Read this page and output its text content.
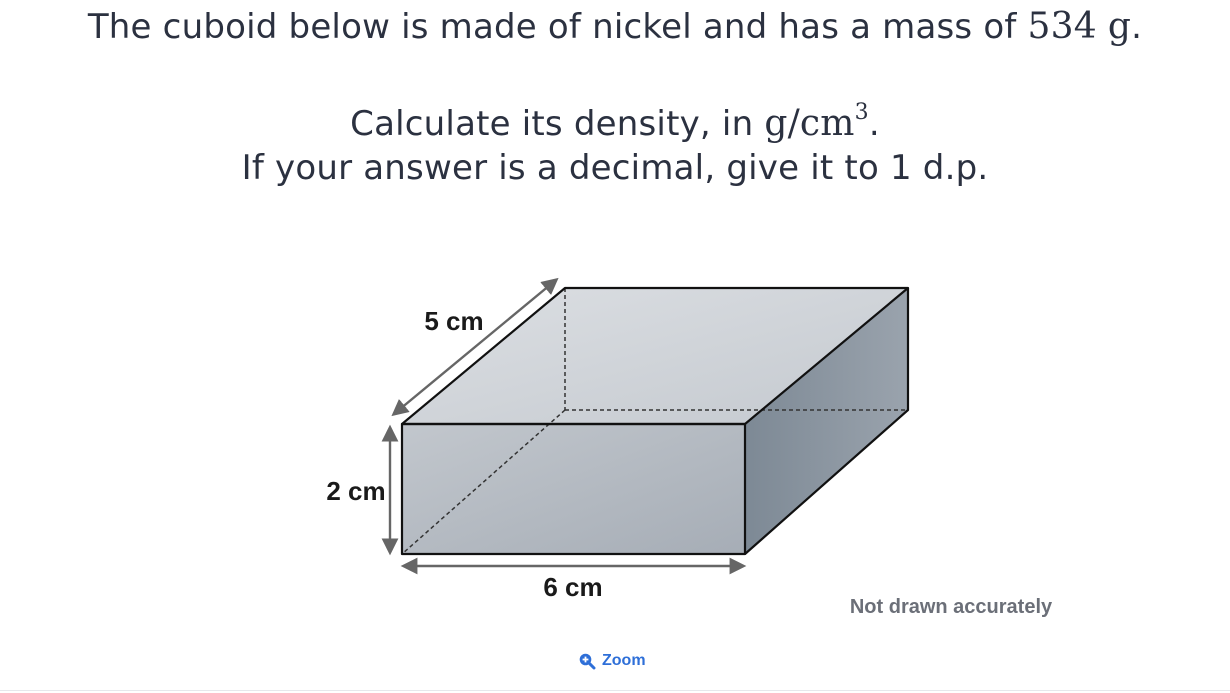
The cuboid below is made of nickel and has a mass of 534 g.
Calculate its density, in $g/cm^3$.
If your answer is a decimal, give it to 1 d.p.
5 cm
2 cm
6 cm
Not drawn accurately
Zoom
